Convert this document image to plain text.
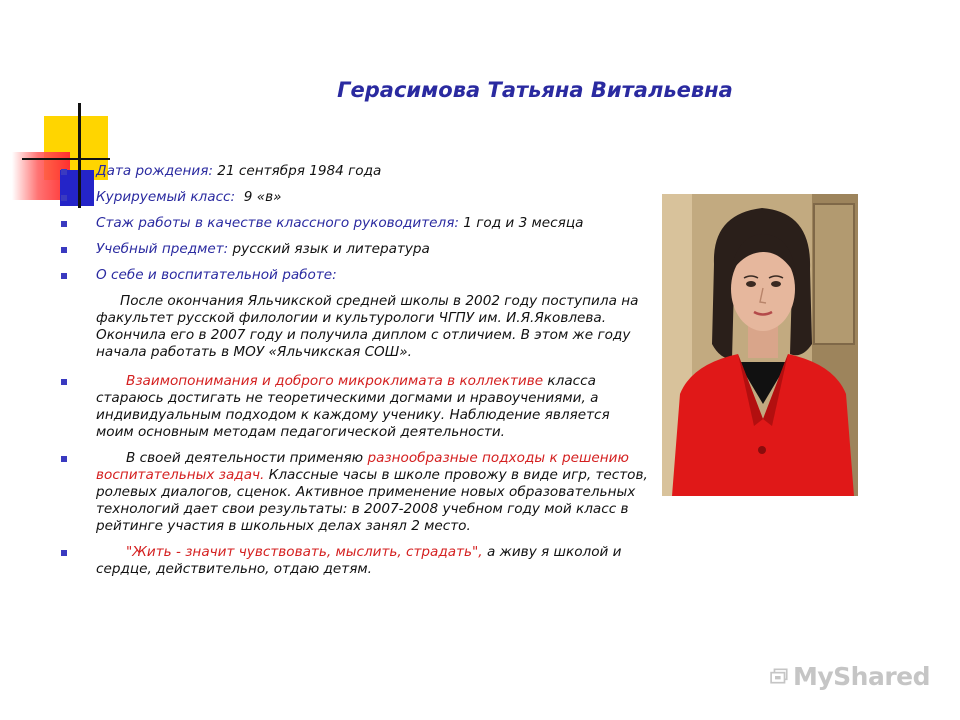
Герасимова Татьяна Витальевна
Дата рождения: 21 сентября 1984 года
Курируемый класс:  9 «в»
Стаж работы в качестве классного руководителя: 1 год и 3 месяца
Учебный предмет: русский язык и литература
О себе и воспитательной работе:
После окончания Яльчикской средней школы в 2002 году поступила на факультет русской филологии и культурологи ЧГПУ им. И.Я.Яковлева. Окончила его в 2007 году и получила диплом с отличием. В этом же году начала работать в МОУ «Яльчикская СОШ».
Взаимопонимания и доброго микроклимата в коллективе класса стараюсь достигать не теоретическими догмами и нравоучениями, а индивидуальным подходом к каждому ученику. Наблюдение является моим основным методам педагогической деятельности.
В своей деятельности применяю разнообразные подходы к решению воспитательных задач. Классные часы в школе провожу в виде игр, тестов, ролевых диалогов, сценок. Активное применение новых образовательных технологий дает свои результаты: в 2007-2008 учебном году мой класс в рейтинге участия в школьных делах занял 2 место.
"Жить - значит чувствовать, мыслить, страдать", а живу я школой и сердце, действительно, отдаю детям.
MyShared
